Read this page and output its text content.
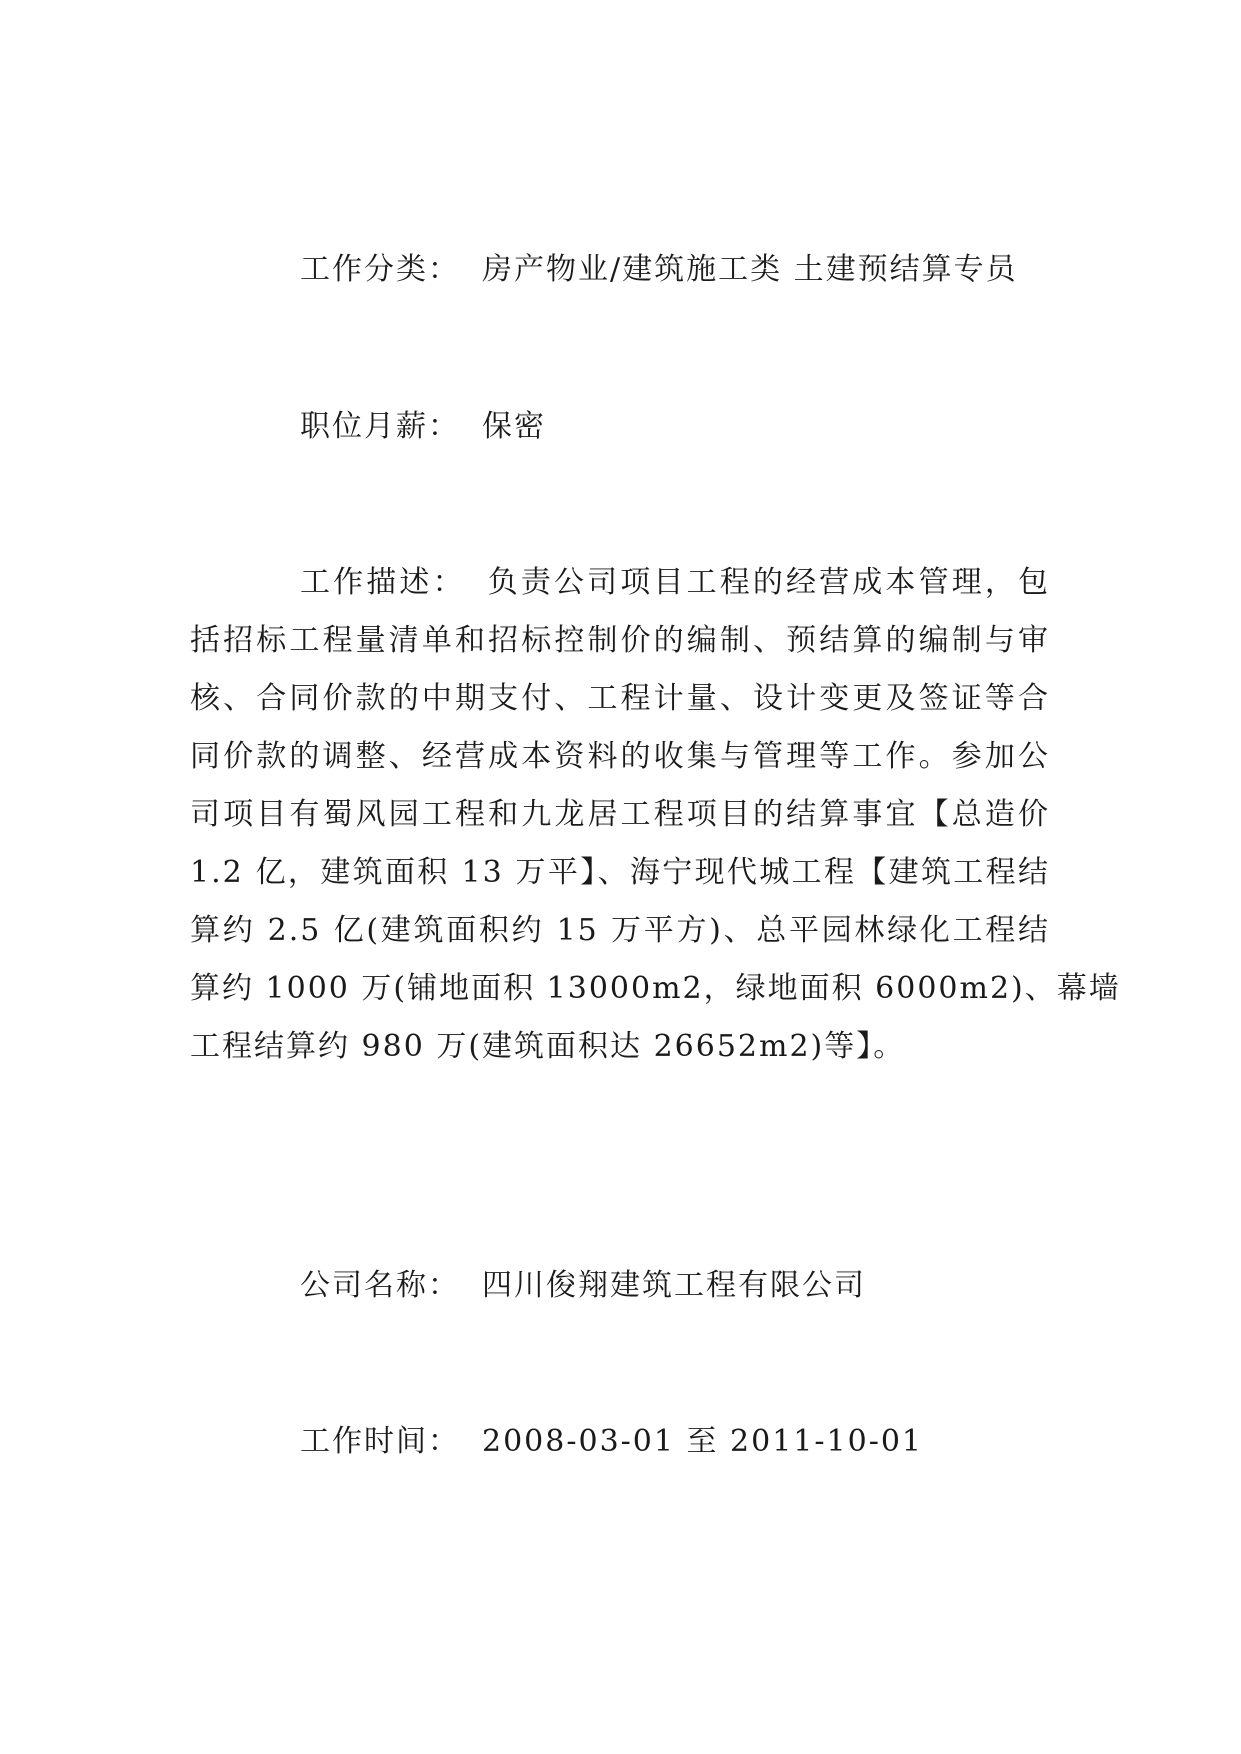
工作分类： 房产物业/建筑施工类 土建预结算专员
职位月薪： 保密
工作描述： 负责公司项目工程的经营成本管理，包
括招标工程量清单和招标控制价的编制、预结算的编制与审
核、合同价款的中期支付、工程计量、设计变更及签证等合
同价款的调整、经营成本资料的收集与管理等工作。参加公
司项目有蜀风园工程和九龙居工程项目的结算事宜【总造价
1.2 亿，建筑面积 13 万平】、海宁现代城工程【建筑工程结
算约 2.5 亿(建筑面积约 15 万平方)、总平园林绿化工程结
算约 1000 万(铺地面积 13000m2，绿地面积 6000m2)、幕墙
工程结算约 980 万(建筑面积达 26652m2)等】。
公司名称： 四川俊翔建筑工程有限公司
工作时间： 2008-03-01 至 2011-10-01
